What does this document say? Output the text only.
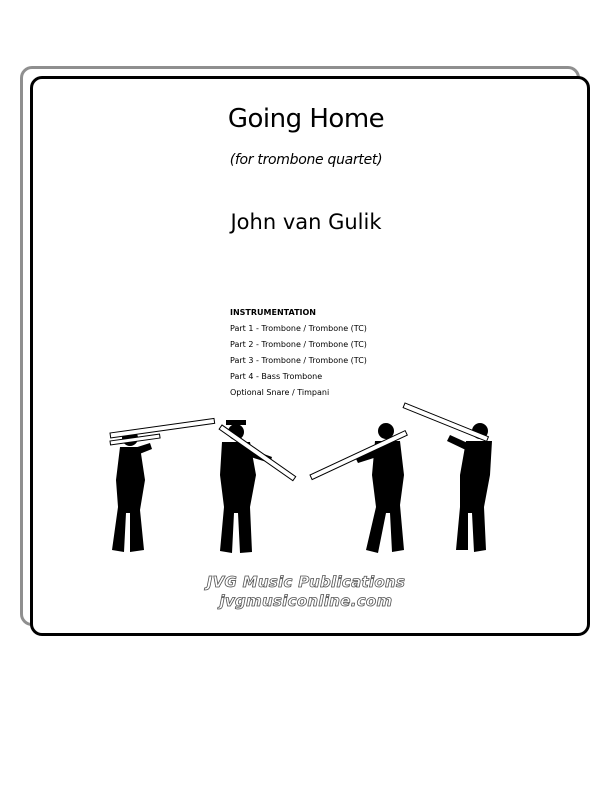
Going Home
(for trombone quartet)
John van Gulik
INSTRUMENTATION
Part 1 - Trombone / Trombone (TC)
Part 2 - Trombone / Trombone (TC)
Part 3 - Trombone / Trombone (TC)
Part 4 - Bass Trombone
Optional Snare / Timpani
JVG Music Publications
jvgmusiconline.com
